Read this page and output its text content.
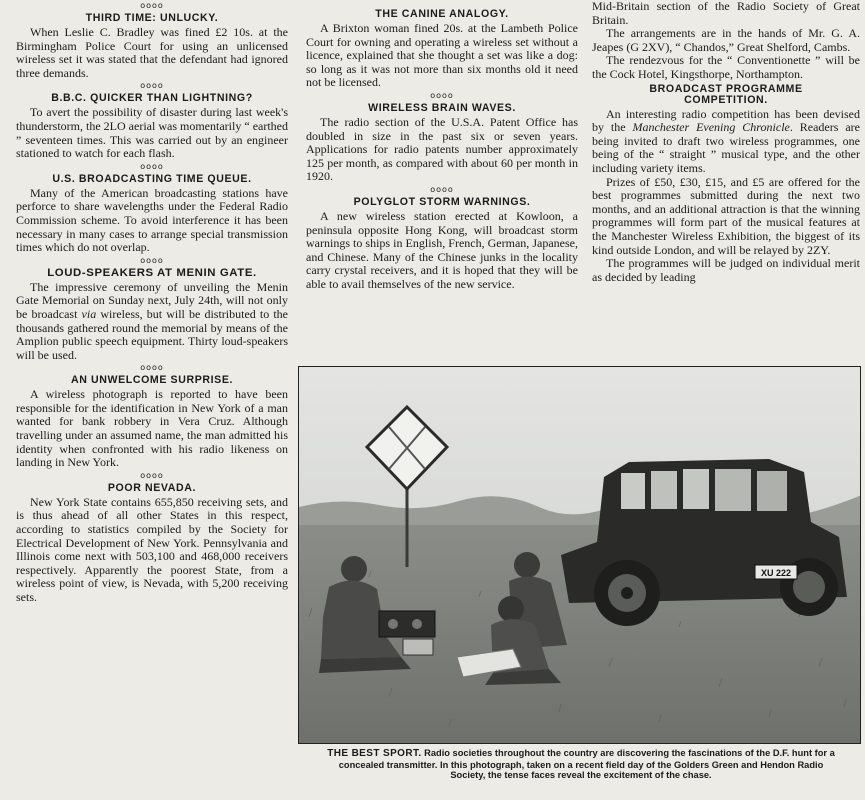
oooo
THIRD TIME: UNLUCKY.

When Leslie C. Bradley was fined £2 10s. at the Birmingham Police Court for using an unlicensed wireless set it was stated that the defendant had ignored three demands.

oooo
B.B.C. QUICKER THAN LIGHTNING?

To avert the possibility of disaster during last week's thunderstorm, the 2LO aerial was momentarily “ earthed ” seventeen times. This was carried out by an engineer stationed to watch for each flash.

oooo
U.S. BROADCASTING TIME QUEUE.

Many of the American broadcasting stations have perforce to share wavelengths under the Federal Radio Commission scheme. To avoid interference it has been necessary in many cases to arrange special transmission times which do not overlap.

oooo
LOUD-SPEAKERS AT MENIN GATE.

The impressive ceremony of unveiling the Menin Gate Memorial on Sunday next, July 24th, will not only be broadcast via wireless, but will be distributed to the thousands gathered round the memorial by means of the Amplion public speech equipment. Thirty loud-speakers will be used.

oooo
AN UNWELCOME SURPRISE.

A wireless photograph is reported to have been responsible for the identification in New York of a man wanted for bank robbery in Vera Cruz. Although travelling under an assumed name, the man admitted his identity when confronted with his radio likeness on landing in New York.

oooo
POOR NEVADA.

New York State contains 655,850 receiving sets, and is thus ahead of all other States in this respect, according to statistics compiled by the Society for Electrical Development of New York. Pennsylvania and Illinois come next with 503,100 and 468,000 receivers respectively. Apparently the poorest State, from a wireless point of view, is Nevada, with 5,200 receiving sets.

THE CANINE ANALOGY.

A Brixton woman fined 20s. at the Lambeth Police Court for owning and operating a wireless set without a licence, explained that she thought a set was like a dog: so long as it was not more than six months old it need not be licensed.

oooo
WIRELESS BRAIN WAVES.

The radio section of the U.S.A. Patent Office has doubled in size in the past six or seven years. Applications for radio patents number approximately 125 per month, as compared with about 60 per month in 1920.

oooo
POLYGLOT STORM WARNINGS.

A new wireless station erected at Kowloon, a peninsula opposite Hong Kong, will broadcast storm warnings to ships in English, French, German, Japanese, and Chinese. Many of the Chinese junks in the locality carry crystal receivers, and it is hoped that they will be able to avail themselves of the new service.

Mid-Britain section of the Radio Society of Great Britain.

The arrangements are in the hands of Mr. G. A. Jeapes (G 2XV), “ Chandos,” Great Shelford, Cambs.

The rendezvous for the “ Conventionette ” will be the Cock Hotel, Kingsthorpe, Northampton.

BROADCAST PROGRAMME
COMPETITION.

An interesting radio competition has been devised by the Manchester Evening Chronicle. Readers are being invited to draft two wireless programmes, one being of the “ straight ” musical type, and the other including variety items.

Prizes of £50, £30, £15, and £5 are offered for the best programmes submitted during the next two months, and an additional attraction is that the winning programmes will form part of the musical features at the Manchester Wireless Exhibition, the biggest of its kind outside London, and will be relayed by 2ZY.

The programmes will be judged on individual merit as decided by leading

XU 222
THE BEST SPORT. Radio societies throughout the country are discovering the fascinations of the D.F. hunt for a concealed transmitter. In this photograph, taken on a recent field day of the Golders Green and Hendon Radio Society, the tense faces reveal the excitement of the chase.
